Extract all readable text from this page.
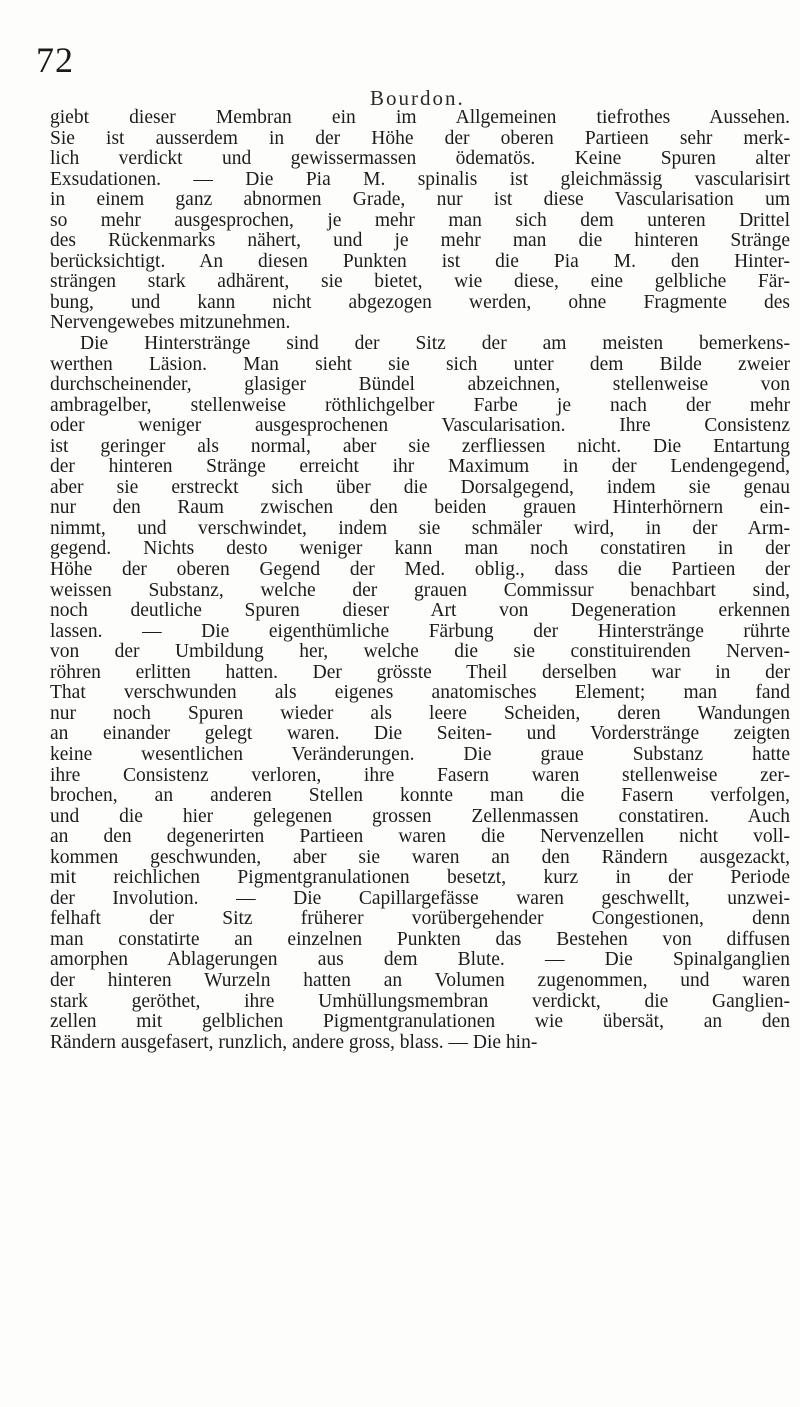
72
Bourdon.
giebt dieser Membran ein im Allgemeinen tiefrothes Aussehen.
Sie ist ausserdem in der Höhe der oberen Partieen sehr merk-
lich verdickt und gewissermassen ödematös. Keine Spuren alter
Exsudationen. — Die Pia M. spinalis ist gleichmässig vascularisirt
in einem ganz abnormen Grade, nur ist diese Vascularisation um
so mehr ausgesprochen, je mehr man sich dem unteren Drittel
des Rückenmarks nähert, und je mehr man die hinteren Stränge
berücksichtigt. An diesen Punkten ist die Pia M. den Hinter-
strängen stark adhärent, sie bietet, wie diese, eine gelbliche Fär-
bung, und kann nicht abgezogen werden, ohne Fragmente des
Nervengewebes mitzunehmen.
Die Hinterstränge sind der Sitz der am meisten bemerkens-
werthen Läsion. Man sieht sie sich unter dem Bilde zweier
durchscheinender, glasiger Bündel abzeichnen, stellenweise von
ambragelber, stellenweise röthlichgelber Farbe je nach der mehr
oder weniger ausgesprochenen Vascularisation. Ihre Consistenz
ist geringer als normal, aber sie zerfliessen nicht. Die Entartung
der hinteren Stränge erreicht ihr Maximum in der Lendengegend,
aber sie erstreckt sich über die Dorsalgegend, indem sie genau
nur den Raum zwischen den beiden grauen Hinterhörnern ein-
nimmt, und verschwindet, indem sie schmäler wird, in der Arm-
gegend. Nichts desto weniger kann man noch constatiren in der
Höhe der oberen Gegend der Med. oblig., dass die Partieen der
weissen Substanz, welche der grauen Commissur benachbart sind,
noch deutliche Spuren dieser Art von Degeneration erkennen
lassen. — Die eigenthümliche Färbung der Hinterstränge rührte
von der Umbildung her, welche die sie constituirenden Nerven-
röhren erlitten hatten. Der grösste Theil derselben war in der
That verschwunden als eigenes anatomisches Element; man fand
nur noch Spuren wieder als leere Scheiden, deren Wandungen
an einander gelegt waren. Die Seiten- und Vorderstränge zeigten
keine wesentlichen Veränderungen. Die graue Substanz hatte
ihre Consistenz verloren, ihre Fasern waren stellenweise zer-
brochen, an anderen Stellen konnte man die Fasern verfolgen,
und die hier gelegenen grossen Zellenmassen constatiren. Auch
an den degenerirten Partieen waren die Nervenzellen nicht voll-
kommen geschwunden, aber sie waren an den Rändern ausgezackt,
mit reichlichen Pigmentgranulationen besetzt, kurz in der Periode
der Involution. — Die Capillargefässe waren geschwellt, unzwei-
felhaft der Sitz früherer vorübergehender Congestionen, denn
man constatirte an einzelnen Punkten das Bestehen von diffusen
amorphen Ablagerungen aus dem Blute. — Die Spinalganglien
der hinteren Wurzeln hatten an Volumen zugenommen, und waren
stark geröthet, ihre Umhüllungsmembran verdickt, die Ganglien-
zellen mit gelblichen Pigmentgranulationen wie übersät, an den
Rändern ausgefasert, runzlich, andere gross, blass. — Die hin-
